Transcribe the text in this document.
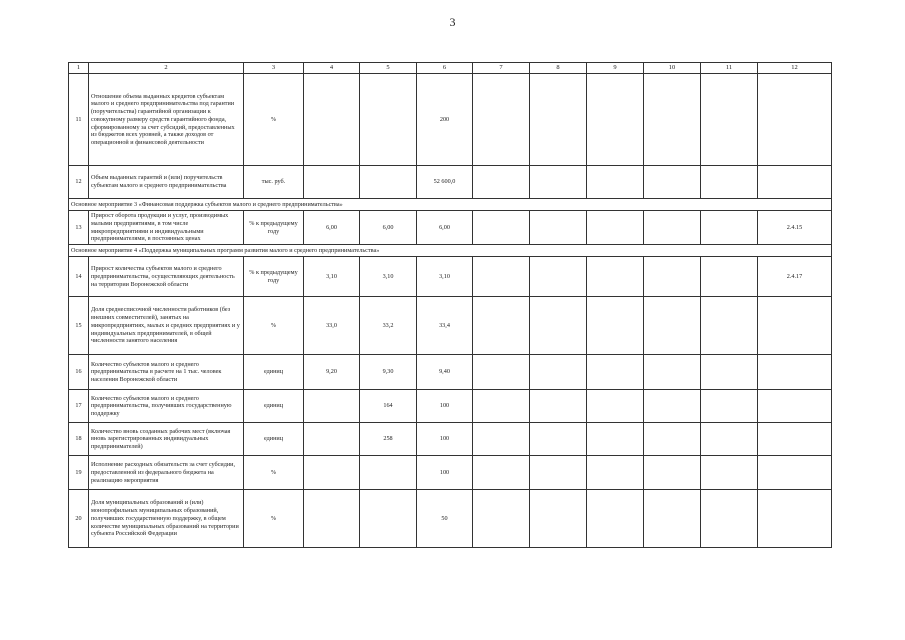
3
1	2	3	4	5	6	7	8	9	10	11	12
11	Отношение объема выданных кредитов субъектам малого и среднего предпринимательства под гарантии (поручительства) гарантийной организации к совокупному размеру средств гарантийного фонда, сформированному за счет субсидий, предоставленных из бюджетов всех уровней, а также доходов от операционной и финансовой деятельности	%			200						
12	Объем выданных гарантий и (или) поручительств субъектам малого и среднего предпринимательства	тыс. руб.			52 600,0						
Основное мероприятие 3 «Финансовая поддержка субъектов малого и среднего предпринимательства»											
13	Прирост оборота продукции и услуг, производимых малыми предприятиями, в том числе микропредприятиями и индивидуальными предпринимателями, в постоянных ценах	% к предыдущему году	6,00	6,00	6,00						2.4.15
Основное мероприятие 4 «Поддержка муниципальных программ развития малого и среднего предпринимательства»											
14	Прирост количества субъектов малого и среднего предпринимательства, осуществляющих деятельность на территории Воронежской области	% к предыдущему году	3,10	3,10	3,10						2.4.17
15	Доля среднесписочной численности работников (без внешних совместителей), занятых на микропредприятиях, малых и средних предприятиях и у индивидуальных предпринимателей, в общей численности занятого населения	%	33,0	33,2	33,4						
16	Количество субъектов малого и среднего предпринимательства в расчете на 1 тыс. человек населения Воронежской области	единиц	9,20	9,30	9,40						
17	Количество субъектов малого и среднего предпринимательства, получивших государственную поддержку	единиц		164	100						
18	Количество вновь созданных рабочих мест (включая вновь зарегистрированных индивидуальных предпринимателей)	единиц		258	100						
19	Исполнение расходных обязательств за счет субсидии, предоставленной из федерального бюджета на реализацию мероприятия	%			100						
20	Доля муниципальных образований и (или) монопрофильных муниципальных образований, получивших государственную поддержку, в общем количестве муниципальных образований на территории субъекта Российской Федерации	%			50						
